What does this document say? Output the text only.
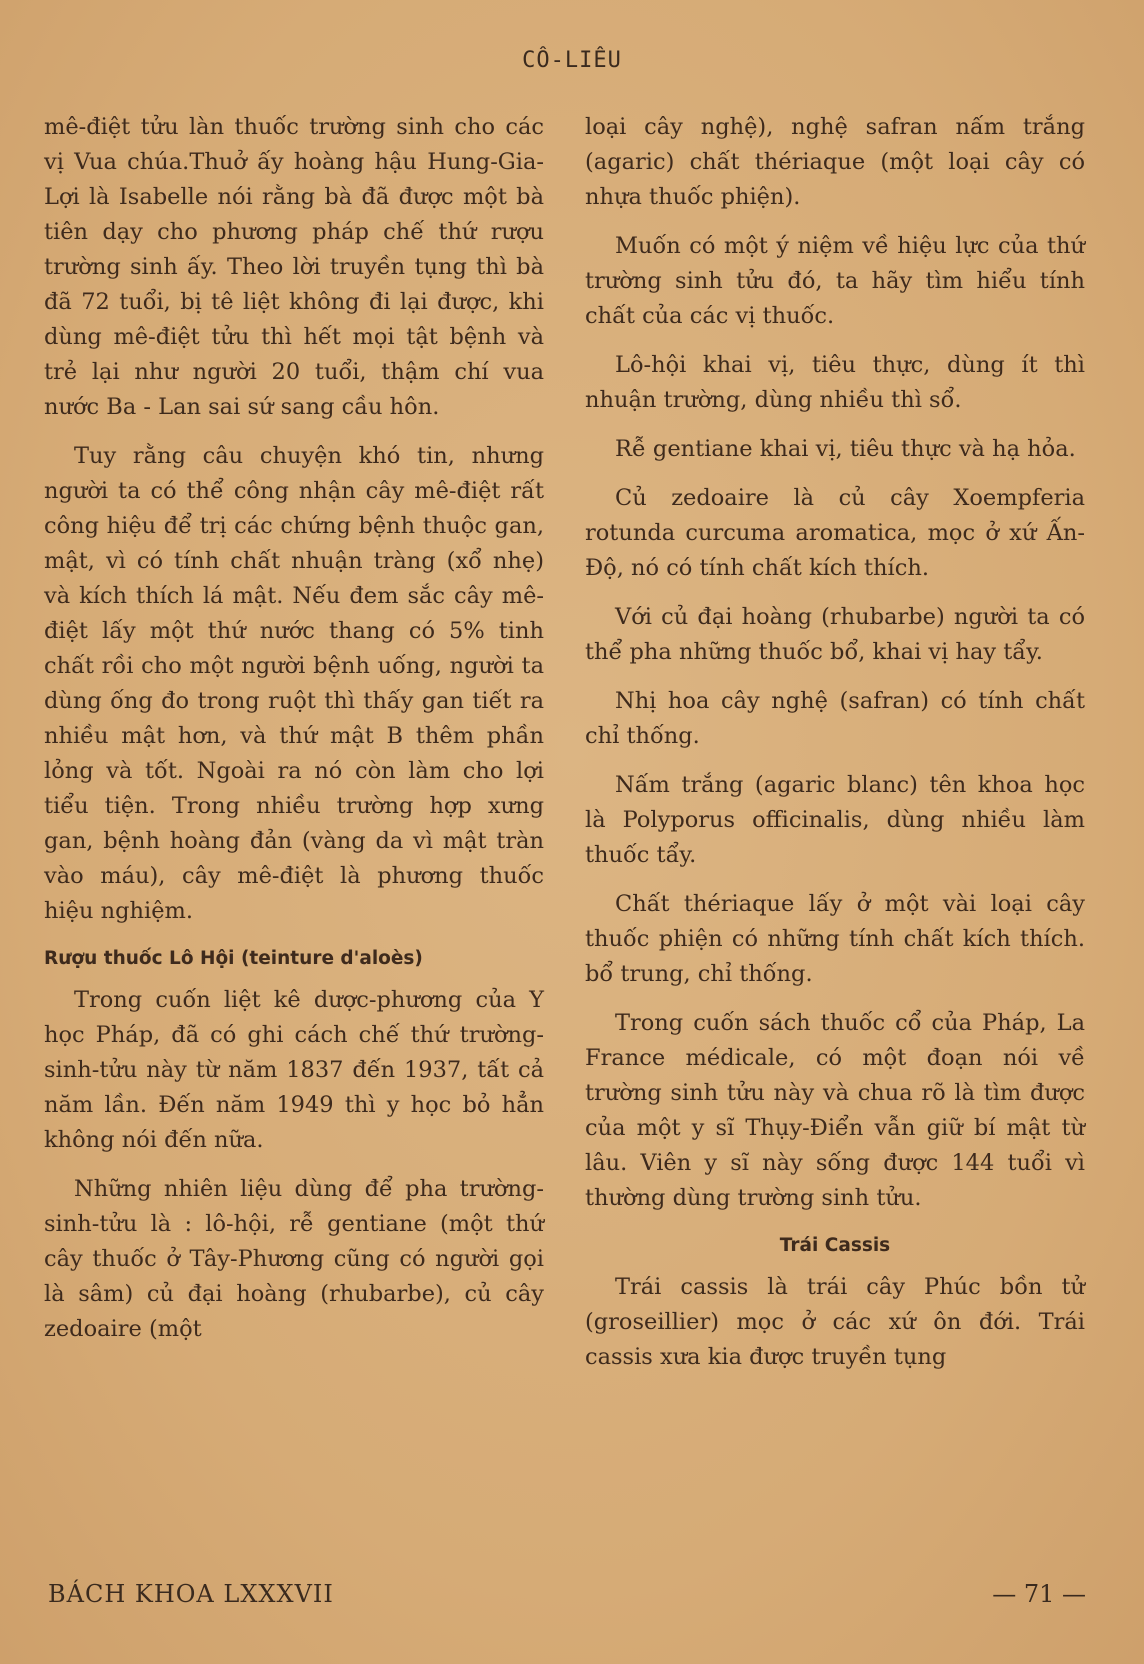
CÔ-LIÊU

mê-điệt tửu làn thuốc trường sinh cho các vị Vua chúa.Thuở ấy hoàng hậu Hung-Gia-Lợi là Isabelle nói rằng bà đã được một bà tiên dạy cho phương pháp chế thứ rượu trường sinh ấy. Theo lời truyền tụng thì bà đã 72 tuổi, bị tê liệt không đi lại được, khi dùng mê-điệt tửu thì hết mọi tật bệnh và trẻ lại như người 20 tuổi, thậm chí vua nước Ba - Lan sai sứ sang cầu hôn.

Tuy rằng câu chuyện khó tin, nhưng người ta có thể công nhận cây mê-điệt rất công hiệu để trị các chứng bệnh thuộc gan, mật, vì có tính chất nhuận tràng (xổ nhẹ) và kích thích lá mật. Nếu đem sắc cây mê-điệt lấy một thứ nước thang có 5% tinh chất rồi cho một người bệnh uống, người ta dùng ống đo trong ruột thì thấy gan tiết ra nhiều mật hơn, và thứ mật B thêm phần lỏng và tốt. Ngoài ra nó còn làm cho lợi tiểu tiện. Trong nhiều trường hợp xưng gan, bệnh hoàng đản (vàng da vì mật tràn vào máu), cây mê-điệt là phương thuốc hiệu nghiệm.

Rượu thuốc Lô Hội (teinture d'aloès)

Trong cuốn liệt kê dược-phương của Y học Pháp, đã có ghi cách chế thứ trường-sinh-tửu này từ năm 1837 đến 1937, tất cả năm lần. Đến năm 1949 thì y học bỏ hẳn không nói đến nữa.

Những nhiên liệu dùng để pha trường-sinh-tửu là : lô-hội, rễ gentiane (một thứ cây thuốc ở Tây-Phương cũng có người gọi là sâm) củ đại hoàng (rhubarbe), củ cây zedoaire (một

loại cây nghệ), nghệ safran nấm trắng (agaric) chất thériaque (một loại cây có nhựa thuốc phiện).

Muốn có một ý niệm về hiệu lực của thứ trường sinh tửu đó, ta hãy tìm hiểu tính chất của các vị thuốc.

Lô-hội khai vị, tiêu thực, dùng ít thì nhuận trường, dùng nhiều thì sổ.

Rễ gentiane khai vị, tiêu thực và hạ hỏa.

Củ zedoaire là củ cây Xoempferia rotunda curcuma aromatica, mọc ở xứ Ấn-Độ, nó có tính chất kích thích.

Với củ đại hoàng (rhubarbe) người ta có thể pha những thuốc bổ, khai vị hay tẩy.

Nhị hoa cây nghệ (safran) có tính chất chỉ thống.

Nấm trắng (agaric blanc) tên khoa học là Polyporus officinalis, dùng nhiều làm thuốc tẩy.

Chất thériaque lấy ở một vài loại cây thuốc phiện có những tính chất kích thích. bổ trung, chỉ thống.

Trong cuốn sách thuốc cổ của Pháp, La France médicale, có một đoạn nói về trường sinh tửu này và chua rõ là tìm được của một y sĩ Thụy-Điển vẫn giữ bí mật từ lâu. Viên y sĩ này sống được 144 tuổi vì thường dùng trường sinh tửu.

Trái Cassis

Trái cassis là trái cây Phúc bồn tử (groseillier) mọc ở các xứ ôn đới. Trái cassis xưa kia được truyền tụng

BÁCH KHOA LXXXVII	— 71 —
